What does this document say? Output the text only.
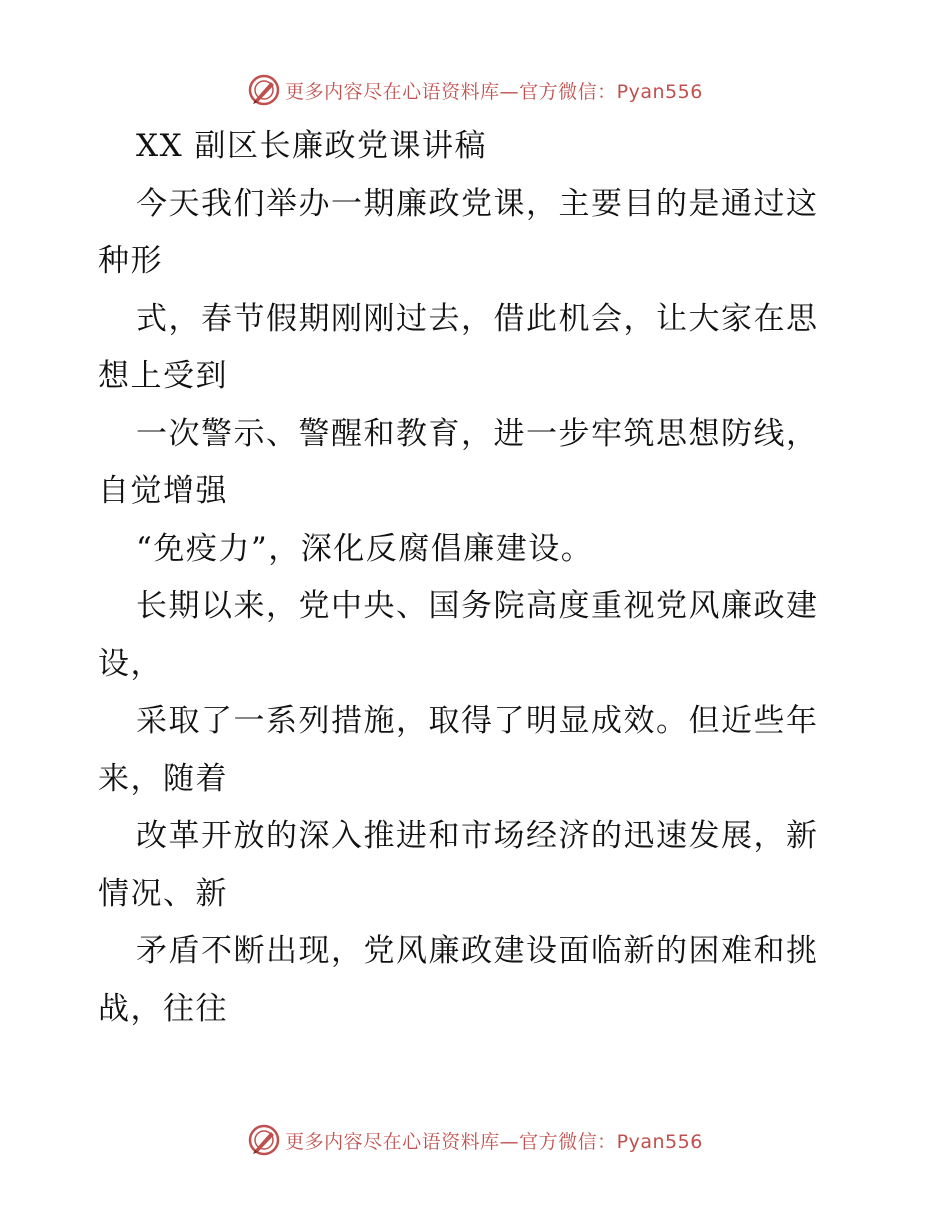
更多内容尽在心语资料库—官方微信：Pyan556
XX 副区长廉政党课讲稿
今天我们举办一期廉政党课，主要目的是通过这
种形
式，春节假期刚刚过去，借此机会，让大家在思
想上受到
一次警示、警醒和教育，进一步牢筑思想防线，
自觉增强
“免疫力”，深化反腐倡廉建设。
长期以来，党中央、国务院高度重视党风廉政建
设，
采取了一系列措施，取得了明显成效。但近些年
来，随着
改革开放的深入推进和市场经济的迅速发展，新
情况、新
矛盾不断出现，党风廉政建设面临新的困难和挑
战，往往
更多内容尽在心语资料库—官方微信：Pyan556
